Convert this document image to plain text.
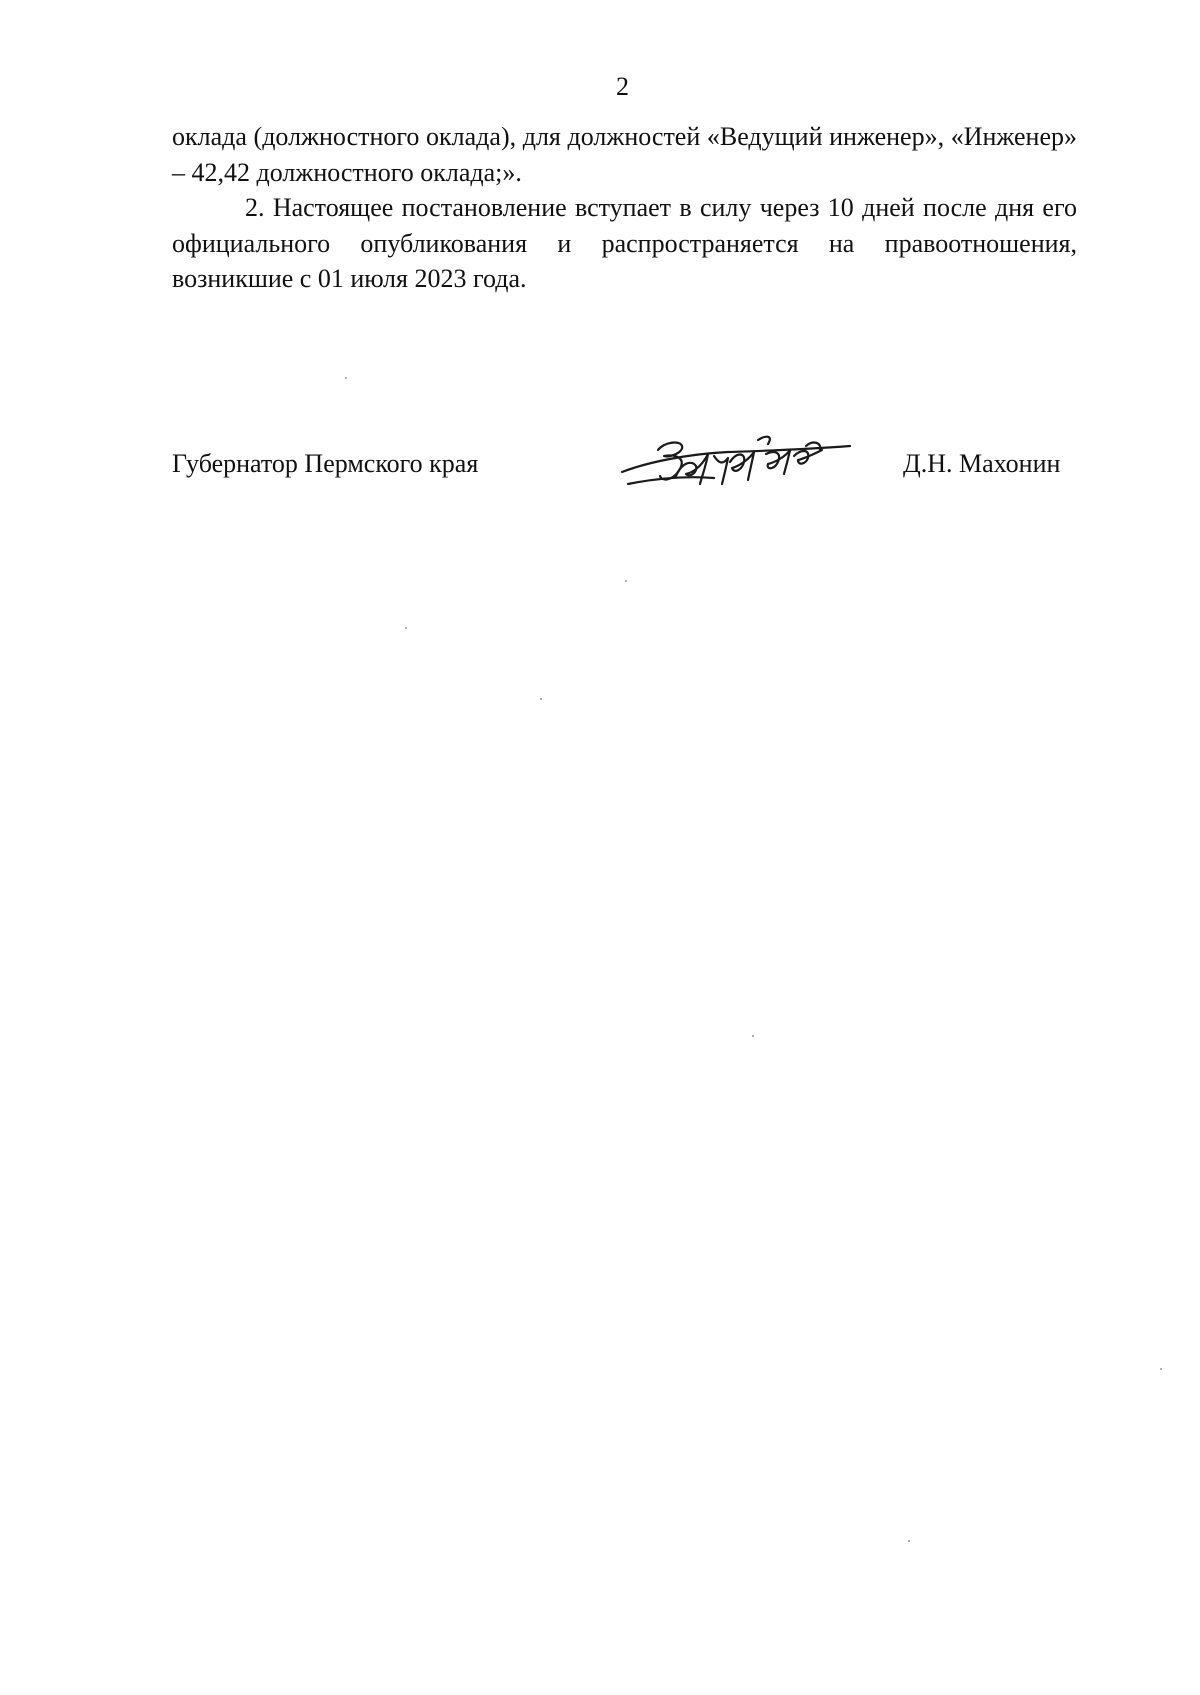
2

оклада (должностного оклада), для должностей «Ведущий инженер», «Инженер» – 42,42 должностного оклада;».

2. Настоящее постановление вступает в силу через 10 дней после дня его официального опубликования и распространяется на правоотношения, возникшие с 01 июля 2023 года.

Губернатор Пермского края	Д.Н. Махонин
